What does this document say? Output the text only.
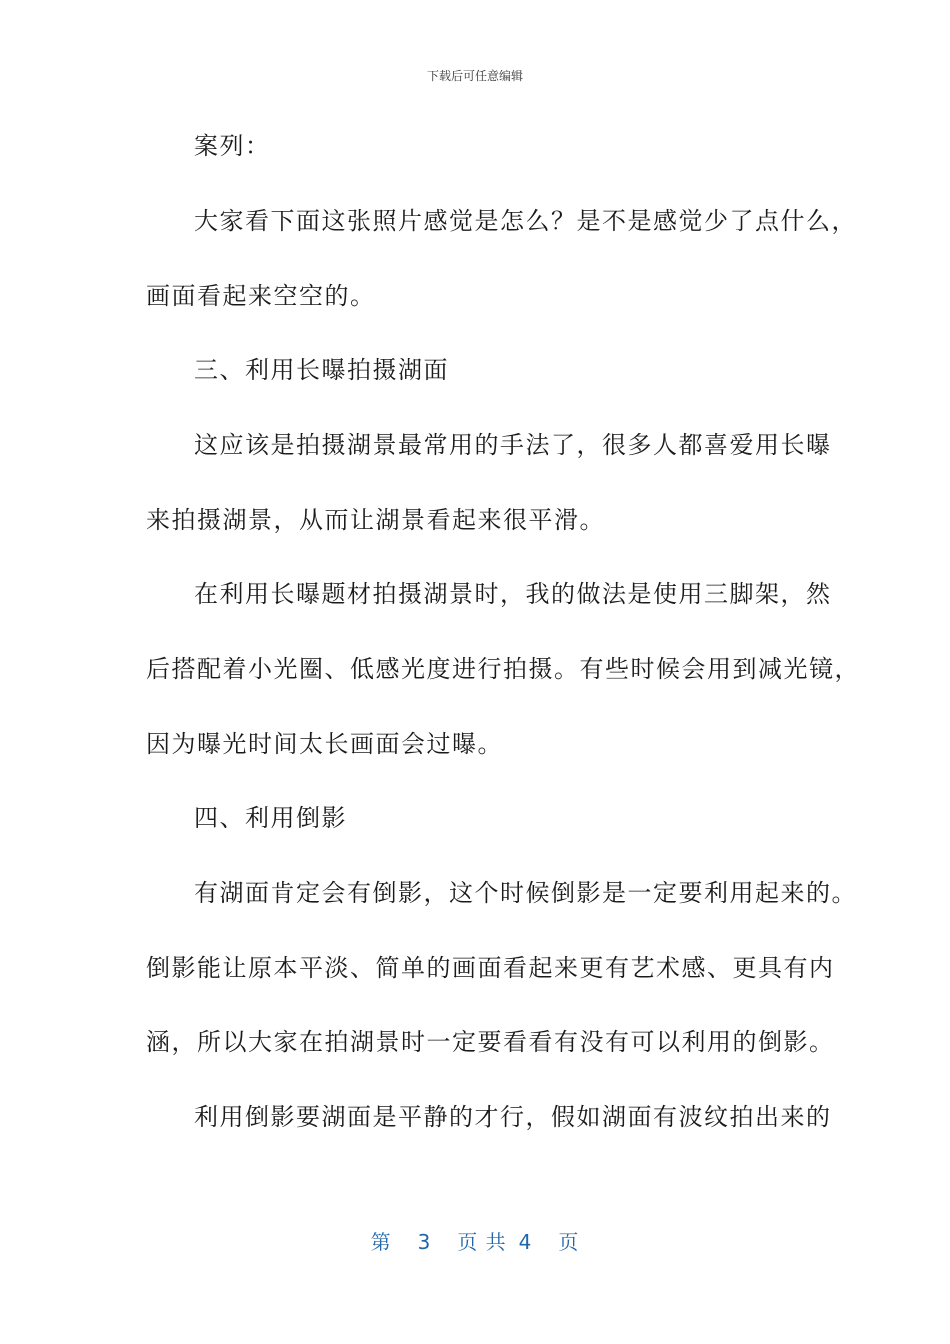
下载后可任意编辑
案列：
大家看下面这张照片感觉是怎么？是不是感觉少了点什么，
画面看起来空空的。
三、利用长曝拍摄湖面
这应该是拍摄湖景最常用的手法了，很多人都喜爱用长曝
来拍摄湖景，从而让湖景看起来很平滑。
在利用长曝题材拍摄湖景时，我的做法是使用三脚架，然
后搭配着小光圈、低感光度进行拍摄。有些时候会用到减光镜，
因为曝光时间太长画面会过曝。
四、利用倒影
有湖面肯定会有倒影，这个时候倒影是一定要利用起来的。
倒影能让原本平淡、简单的画面看起来更有艺术感、更具有内
涵，所以大家在拍湖景时一定要看看有没有可以利用的倒影。
利用倒影要湖面是平静的才行，假如湖面有波纹拍出来的
第 3 页 共 4 页
